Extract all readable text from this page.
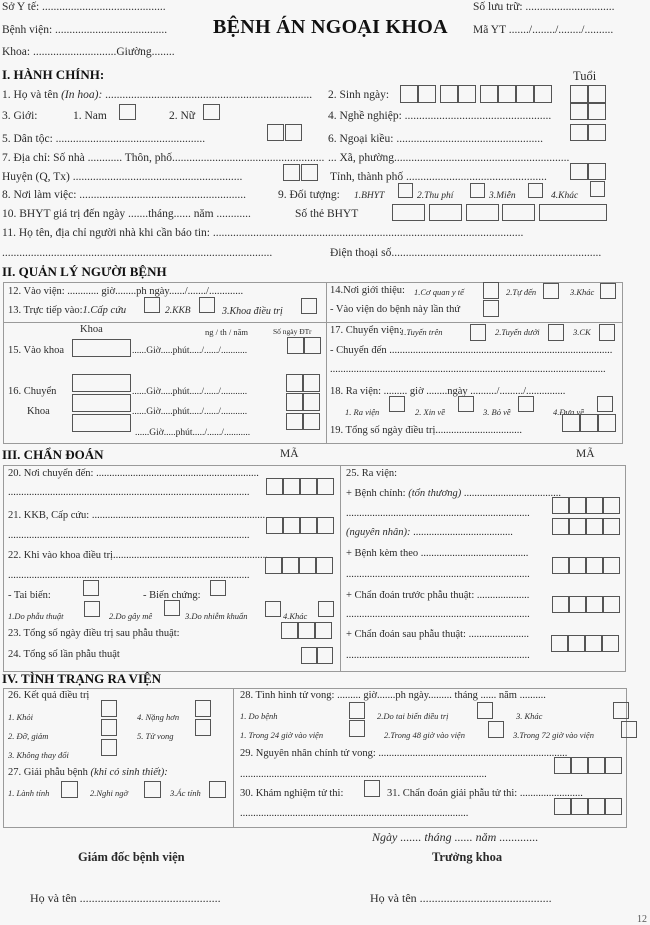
Sở Y tế: ...........................................
Bệnh viện: .......................................
Khoa: .............................Giường........
BỆNH ÁN NGOẠI KHOA
Số lưu trữ: ...............................
Mã YT ......./......../......../..........
I. HÀNH CHÍNH:	Tuổi
1. Họ và tên (In hoa): ........................................................................ 2. Sinh ngày:
3. Giới:	1. Nam	2. Nữ	4. Nghề nghiệp: ...................................................
5. Dân tộc: ....................................................	6. Ngoại kiều: ...................................................
7. Địa chỉ: Số nhà ............ Thôn, phố..................................................... ... Xã, phường.............................................................
Huyện (Q, Tx) ...........................................................	Tỉnh, thành phố .................................................
8. Nơi làm việc: ..........................................................	9. Đối tượng: 1.BHYT	2.Thu phí	3.Miễn	4.Khác
10. BHYT giá trị đến ngày .......tháng...... năm ............	Số thẻ BHYT
11. Họ tên, địa chỉ người nhà khi cần báo tin: ............................................................................................................
..............................................................................................	Điện thoại số.........................................................................
II. QUẢN LÝ NGƯỜI BỆNH
12. Vào viện: ............ giờ........ph ngày....../......./.............
13. Trực tiếp vào:1.Cấp cứu	2.KKB	3.Khoa điều trị
14.Nơi giới thiệu: 1.Cơ quan y tế	2.Tự đến	3.Khác
- Vào viện do bệnh này lần thứ
Khoa	ng / th / năm	Số ngày ĐTr
15. Vào khoa	......Giờ.....phút...../....../...........
16. Chuyển
Khoa
......Giờ.....phút...../....../...........
......Giờ.....phút...../....../...........
......Giờ.....phút...../....../...........
17. Chuyển viện:
1.Tuyến trên	2.Tuyến dưới	3.CK
- Chuyển đến .....................................................................................
.........................................................................................................
18. Ra viện: ......... giờ ........ngày ........../........./...............
1. Ra viện	2. Xin về	3. Bỏ về	4.Đưa về
19. Tổng số ngày điều trị.................................
III. CHẨN ĐOÁN	MÃ	MÃ
20. Nơi chuyển đến: ..............................................................
............................................................................................
21. KKB, Cấp cứu: ..................................................................
............................................................................................
22. Khi vào khoa điều trị...........................................................
............................................................................................
- Tai biến:	- Biến chứng:
1.Do phẫu thuật	2.Do gây mê	3.Do nhiễm khuẩn	4.Khác
23. Tổng số ngày điều trị sau phẫu thuật:
24. Tổng số lần phẫu thuật
25. Ra viện:
+ Bệnh chính: (tổn thương) .....................................
......................................................................
(nguyên nhân): ......................................
+ Bệnh kèm theo .........................................
......................................................................
+ Chẩn đoán trước phẫu thuật: ....................
......................................................................
+ Chẩn đoán sau phẫu thuật: .......................
......................................................................
IV. TÌNH TRẠNG RA VIỆN
26. Kết quả điều trị
1. Khỏi
2. Đỡ, giảm
3. Không thay đổi
4. Nặng hơn
5. Tử vong
27. Giải phẫu bệnh (khi có sinh thiết):
1. Lành tính	2.Nghi ngờ	3.Ác tính
28. Tình hình tử vong: ......... giờ.......ph ngày......... tháng ...... năm ..........
1. Do bệnh	2.Do tai biến điều trị	3. Khác
1. Trong 24 giờ vào viện	2.Trong 48 giờ vào viện	3.Trong 72 giờ vào viện
29. Nguyên nhân chính tử vong: ........................................................................
..............................................................................................
30. Khám nghiệm tử thi:	31. Chẩn đoán giải phẫu tử thi: ........................
.......................................................................................
Ngày ....... tháng ...... năm .............
Giám đốc bệnh viện	Trưởng khoa
Họ và tên ...............................................	Họ và tên ............................................
12
